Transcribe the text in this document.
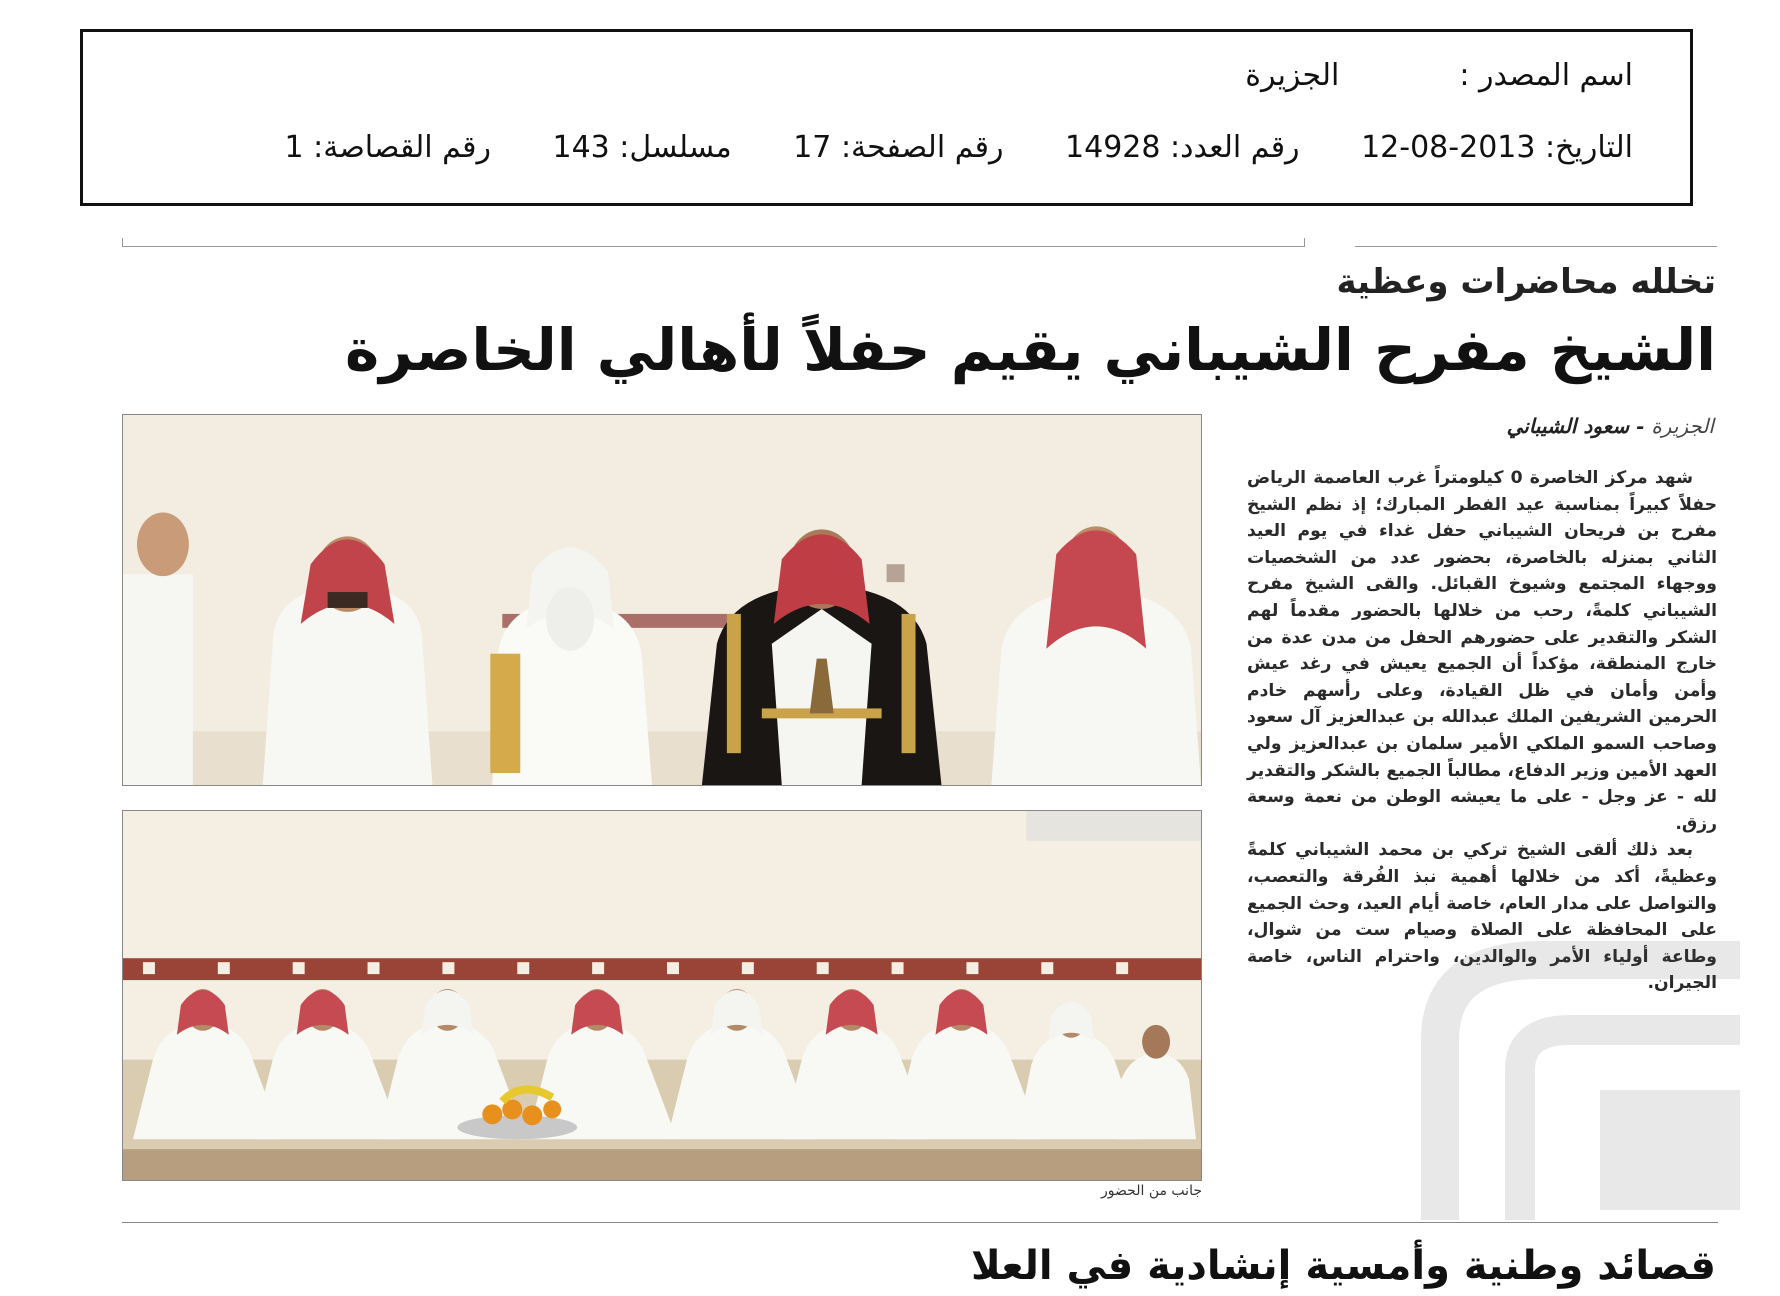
اسم المصدر :الجزيرة
التاريخ: 2013-08-12 رقم العدد: 14928 رقم الصفحة: 17 مسلسل: 143 رقم القصاصة: 1
تخلله محاضرات وعظية
الشيخ مفرح الشيباني يقيم حفلاً لأهالي الخاصرة
الجزيرة - سعود الشيباني

شهد مركز الخاصرة 0 كيلومتراً غرب العاصمة الرياض حفلاً كبيراً بمناسبة عيد الفطر المبارك؛ إذ نظم الشيخ مفرح بن فريحان الشيباني حفل غداء في يوم العيد الثاني بمنزله بالخاصرة، بحضور عدد من الشخصيات ووجهاء المجتمع وشيوخ القبائل. والقى الشيخ مفرح الشيباني كلمةً، رحب من خلالها بالحضور مقدماً لهم الشكر والتقدير على حضورهم الحفل من مدن عدة من خارج المنطقة، مؤكداً أن الجميع يعيش في رغد عيش وأمن وأمان في ظل القيادة، وعلى رأسهم خادم الحرمين الشريفين الملك عبدالله بن عبدالعزيز آل سعود وصاحب السمو الملكي الأمير سلمان بن عبدالعزيز ولي العهد الأمين وزير الدفاع، مطالباً الجميع بالشكر والتقدير لله - عز وجل - على ما يعيشه الوطن من نعمة وسعة رزق.

بعد ذلك ألقى الشيخ تركي بن محمد الشيباني كلمةً وعظيةً، أكد من خلالها أهمية نبذ الفُرقة والتعصب، والتواصل على مدار العام، خاصة أيام العيد، وحث الجميع على المحافظة على الصلاة وصيام ست من شوال، وطاعة أولياء الأمر والوالدين، واحترام الناس، خاصة الجيران.

جانب من الحضور
قصائد وطنية وأمسية إنشادية في العلا
